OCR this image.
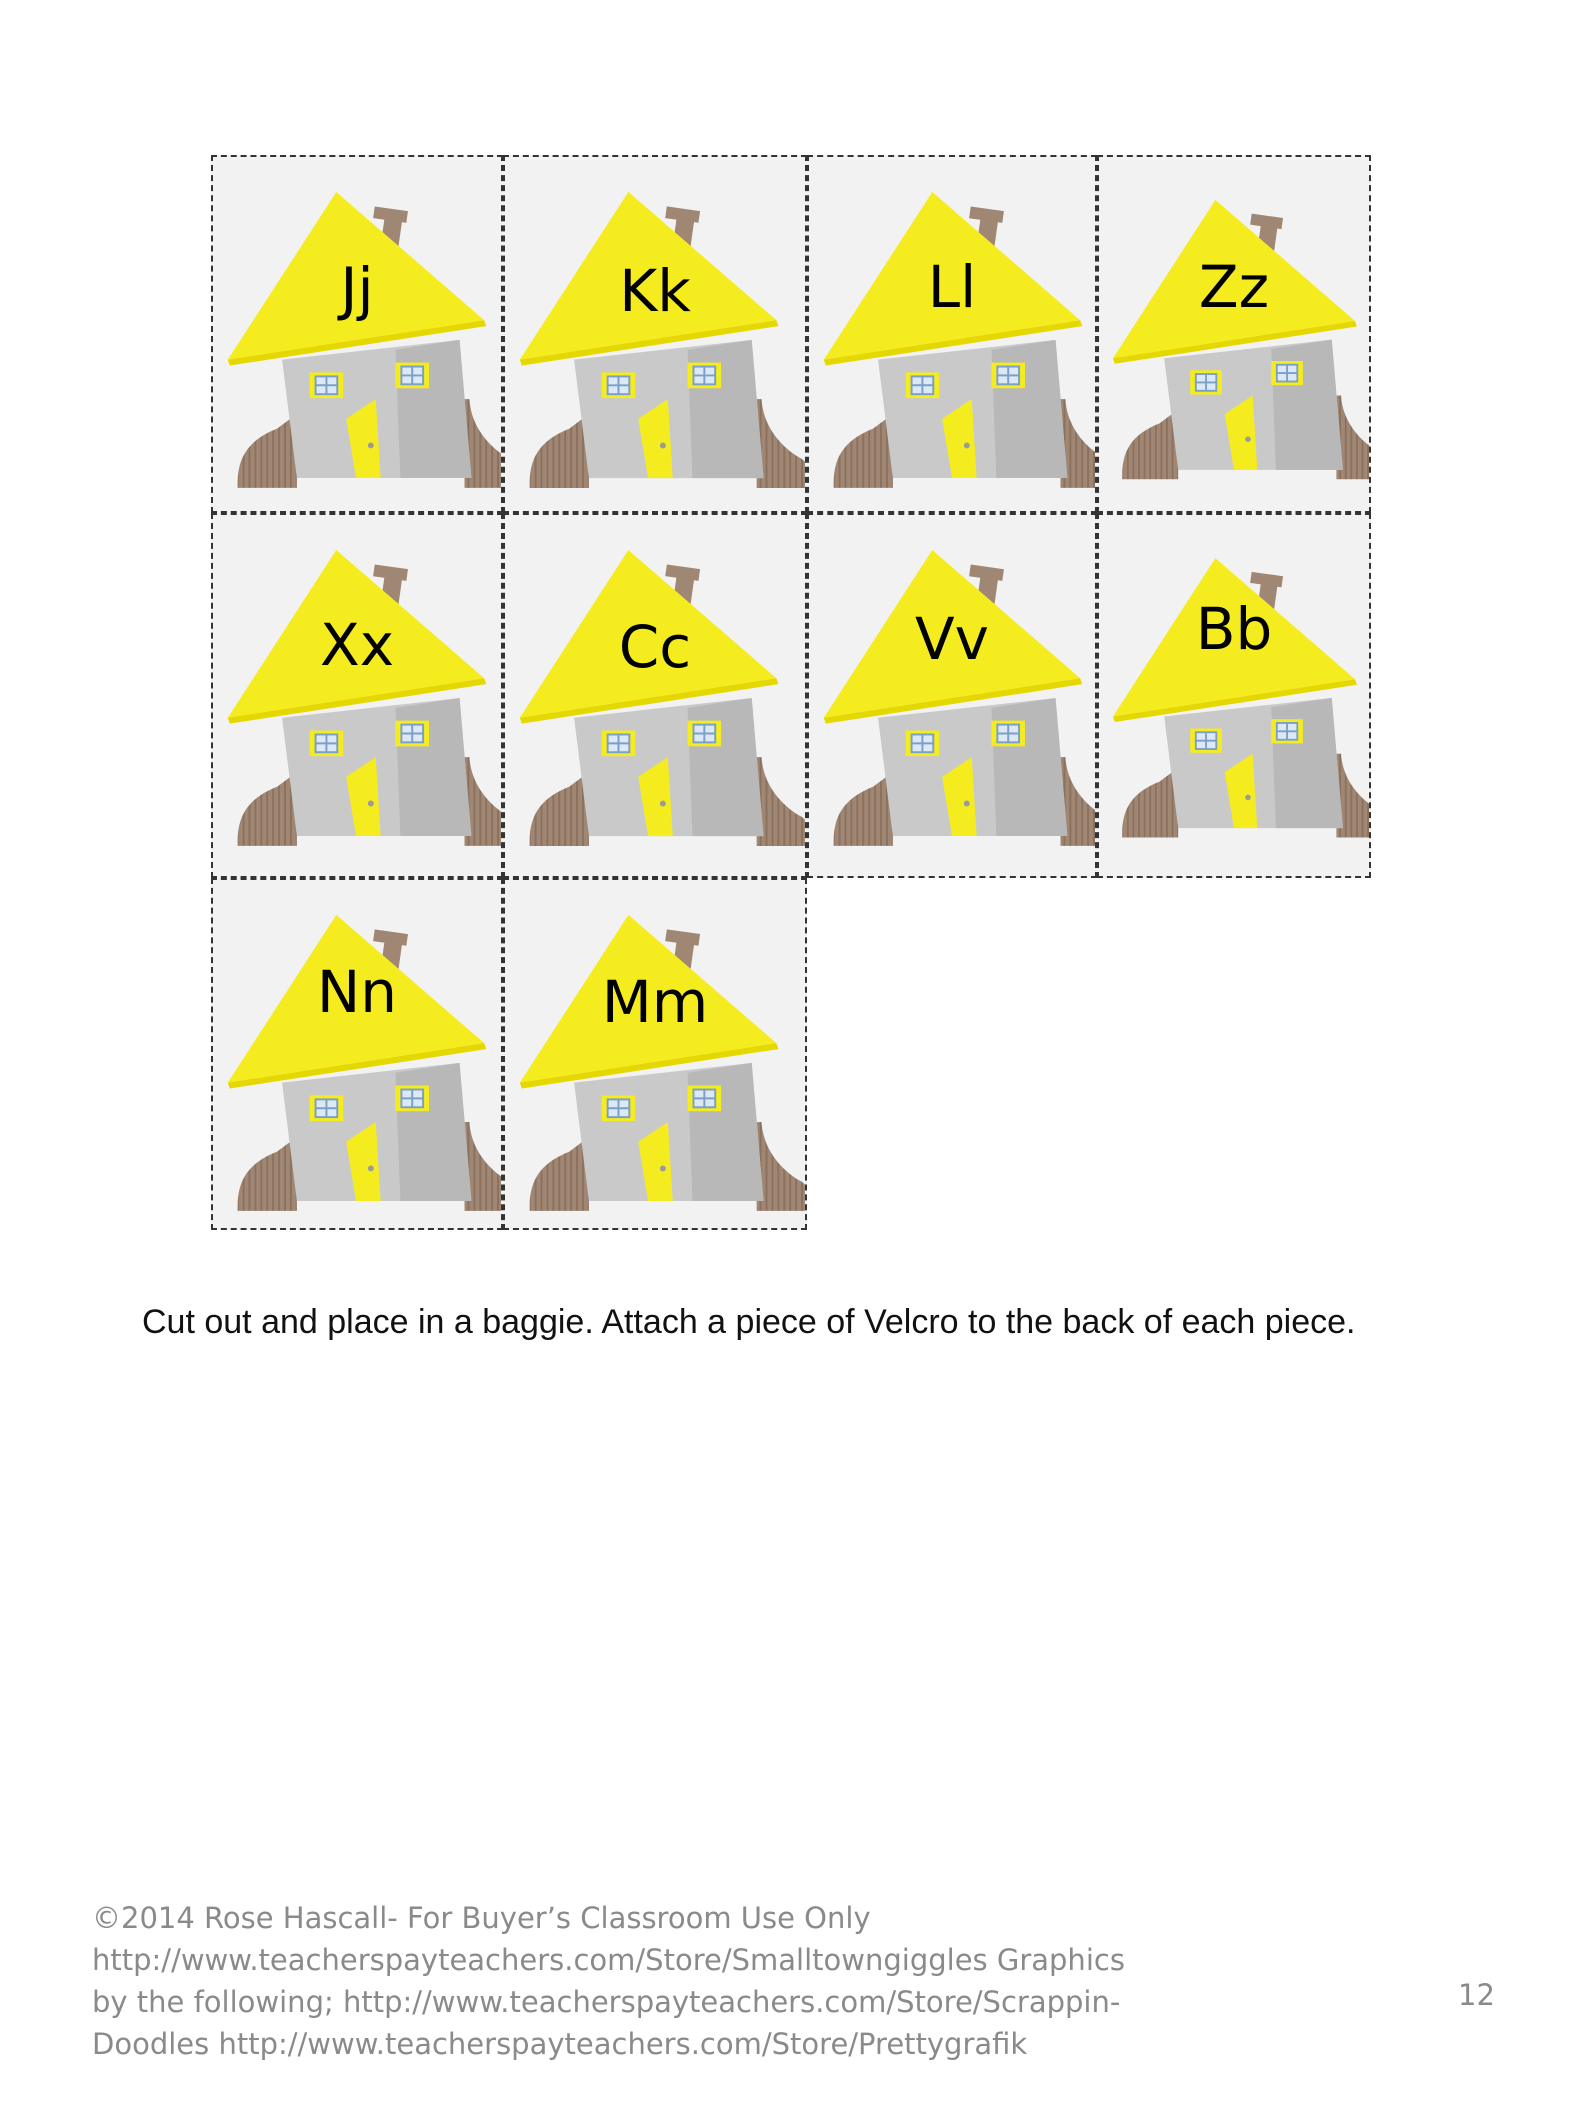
Jj	Kk	Ll	Zz
Xx	Cc	Vv	Bb
Nn	Mm
Cut out and place in a baggie. Attach a piece of Velcro to the back of each piece.
©2014 Rose Hascall- For Buyer’s Classroom Use Only
http://www.teacherspayteachers.com/Store/Smalltowngiggles Graphics
by the following; http://www.teacherspayteachers.com/Store/Scrappin-
Doodles http://www.teacherspayteachers.com/Store/Prettygrafik
12
